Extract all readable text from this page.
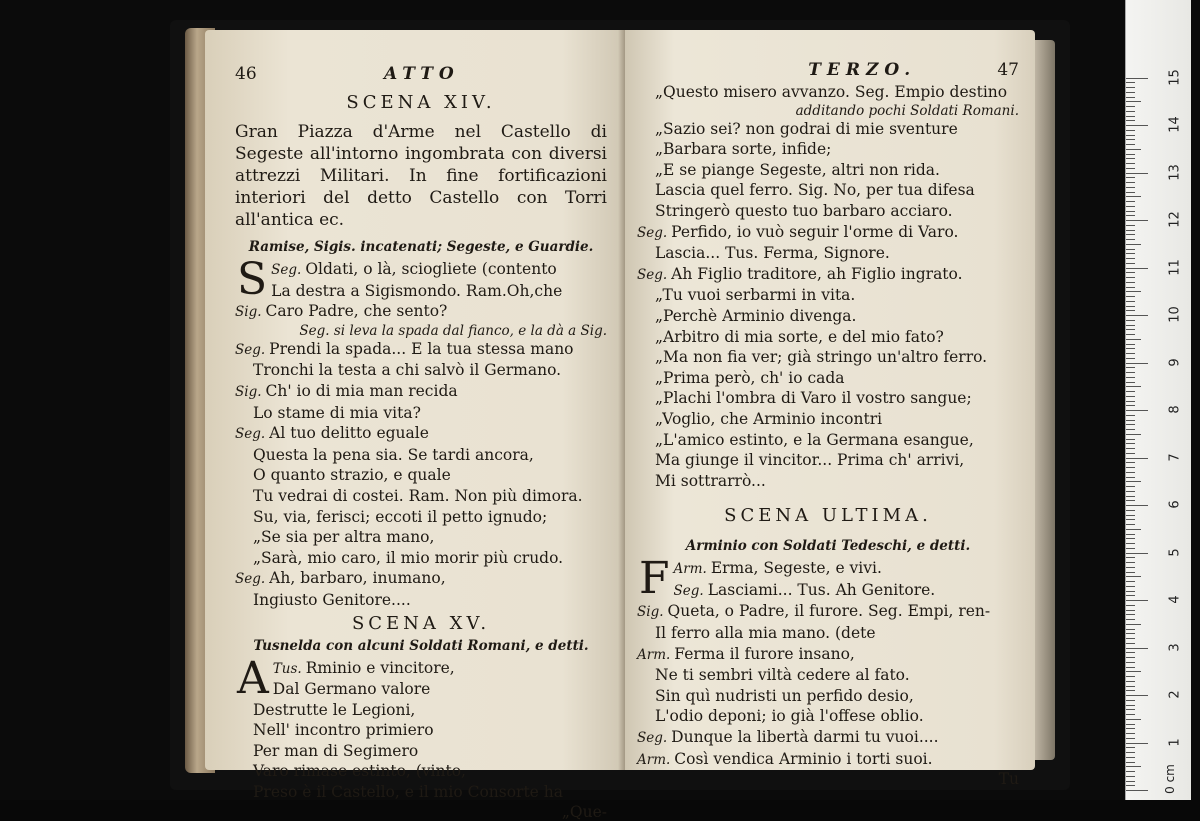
46	ATTO
SCENA XIV.
Gran Piazza d'Arme nel Castello di Segeste all'intorno ingombrata con diversi attrezzi Militari. In fine fortificazioni interiori del detto Castello con Torri all'antica ec.
Ramise, Sigis. incatenati; Segeste, e Guardie.
Seg.
S Oldati, o là, sciogliete (contento
La destra a Sigismondo. Ram.Oh,che
Sig. Caro Padre, che sento?
Seg. si leva la spada dal fianco, e la dà a Sig.
Seg. Prendi la spada... E la tua stessa mano
Tronchi la testa a chi salvò il Germano.
Sig. Ch' io di mia man recida
Lo stame di mia vita?
Seg. Al tuo delitto eguale
Questa la pena sia. Se tardi ancora,
O quanto strazio, e quale
Tu vedrai di costei. Ram. Non più dimora.
Su, via, ferisci; eccoti il petto ignudo;
„Se sia per altra mano,
„Sarà, mio caro, il mio morir più crudo.
Seg. Ah, barbaro, inumano,
Ingiusto Genitore....
SCENA XV.
Tusnelda con alcuni Soldati Romani, e detti.
Tus.
A Rminio e vincitore,
Dal Germano valore
Destrutte le Legioni,
Nell' incontro primiero
Per man di Segimero
Varo rimase estinto, (vinto,
Preso è il Castello, e il mio Consorte ha
„Que-
TERZO.	47
„Questo misero avvanzo. Seg. Empio destino
additando pochi Soldati Romani.
„Sazio sei? non godrai di mie sventure
„Barbara sorte, infide;
„E se piange Segeste, altri non rida.
Lascia quel ferro. Sig. No, per tua difesa
Stringerò questo tuo barbaro acciaro.
Seg. Perfido, io vuò seguir l'orme di Varo.
Lascia... Tus. Ferma, Signore.
Seg. Ah Figlio traditore, ah Figlio ingrato.
„Tu vuoi serbarmi in vita.
„Perchè Arminio divenga.
„Arbitro di mia sorte, e del mio fato?
„Ma non fia ver; già stringo un'altro ferro.
„Prima però, ch' io cada
„Plachi l'ombra di Varo il vostro sangue;
„Voglio, che Arminio incontri
„L'amico estinto, e la Germana esangue,
Ma giunge il vincitor... Prima ch' arrivi,
Mi sottrarrò...
SCENA ULTIMA.
Arminio con Soldati Tedeschi, e detti.
Arm.
F	Erma, Segeste, e vivi.
Seg. Lasciami... Tus. Ah Genitore.
Sig. Queta, o Padre, il furore. Seg. Empi, ren-
Il ferro alla mia mano. (dete
Arm. Ferma il furore insano,
Ne ti sembri viltà cedere al fato.
Sin quì nudristi un perfido desio,
L'odio deponi; io già l'offese oblio.
Seg. Dunque la libertà darmi tu vuoi....
Arm. Così vendica Arminio i torti suoi.
Tu	0 cm
15
14
13
12
11
10
9
8
7
6
5
4
3
2
1
